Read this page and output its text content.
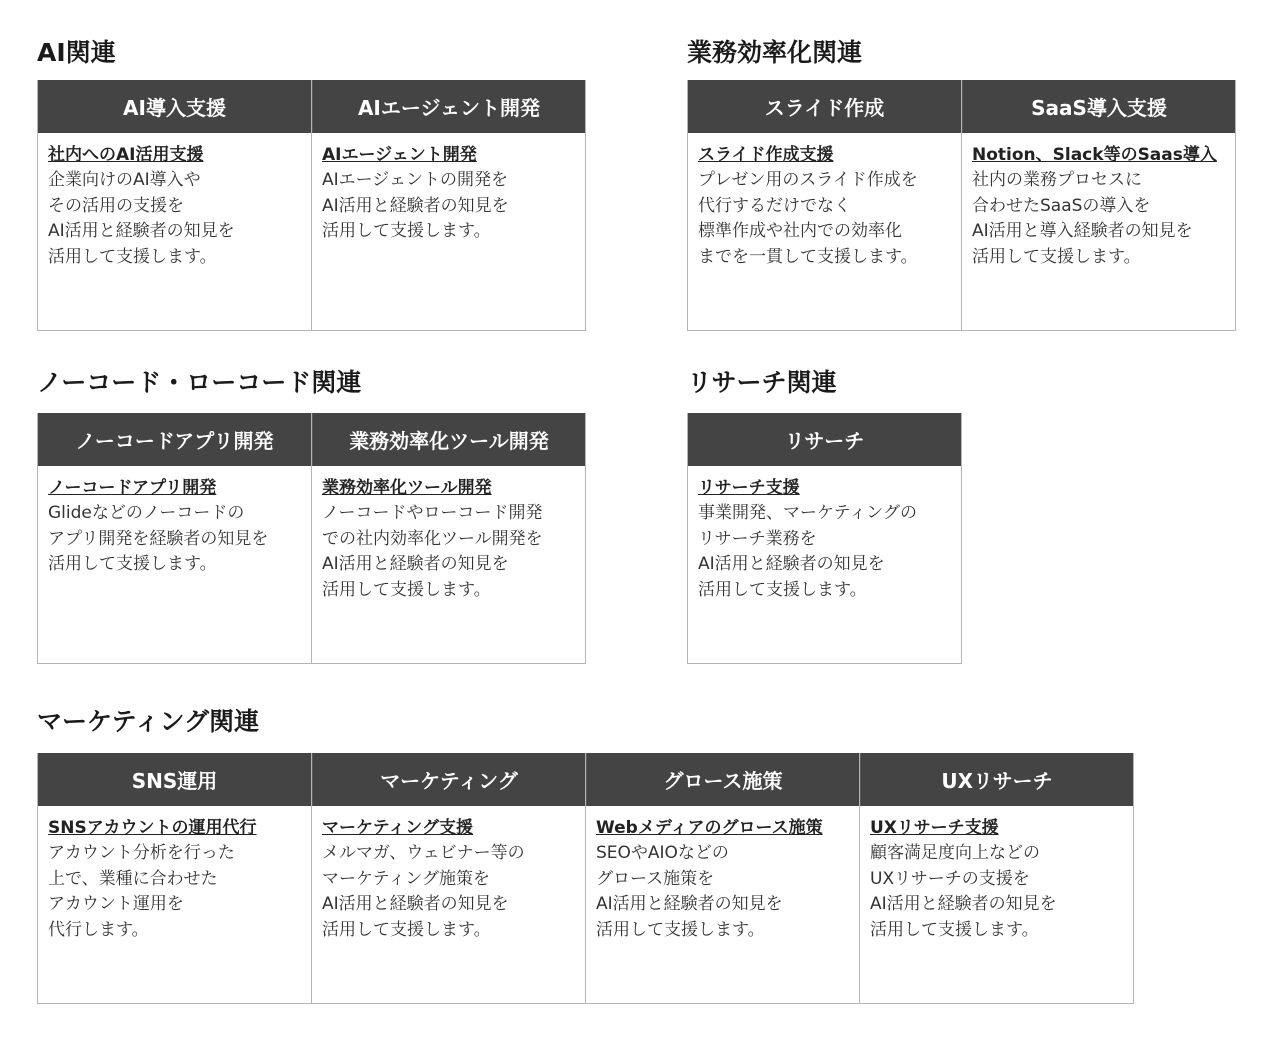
AI関連
AI導入支援
社内へのAI活用支援
企業向けのAI導入や
その活用の支援を
AI活用と経験者の知見を
活用して支援します。
AIエージェント開発
AIエージェント開発
AIエージェントの開発を
AI活用と経験者の知見を
活用して支援します。
業務効率化関連
スライド作成
スライド作成支援
プレゼン用のスライド作成を
代行するだけでなく
標準作成や社内での効率化
までを一貫して支援します。
SaaS導入支援
Notion、Slack等のSaas導入
社内の業務プロセスに
合わせたSaaSの導入を
AI活用と導入経験者の知見を
活用して支援します。
ノーコード・ローコード関連
ノーコードアプリ開発
ノーコードアプリ開発
Glideなどのノーコードの
アプリ開発を経験者の知見を
活用して支援します。
業務効率化ツール開発
業務効率化ツール開発
ノーコードやローコード開発
での社内効率化ツール開発を
AI活用と経験者の知見を
活用して支援します。
リサーチ関連
リサーチ
リサーチ支援
事業開発、マーケティングの
リサーチ業務を
AI活用と経験者の知見を
活用して支援します。
マーケティング関連
SNS運用
SNSアカウントの運用代行
アカウント分析を行った
上で、業種に合わせた
アカウント運用を
代行します。
マーケティング
マーケティング支援
メルマガ、ウェビナー等の
マーケティング施策を
AI活用と経験者の知見を
活用して支援します。
グロース施策
Webメディアのグロース施策
SEOやAIOなどの
グロース施策を
AI活用と経験者の知見を
活用して支援します。
UXリサーチ
UXリサーチ支援
顧客満足度向上などの
UXリサーチの支援を
AI活用と経験者の知見を
活用して支援します。
